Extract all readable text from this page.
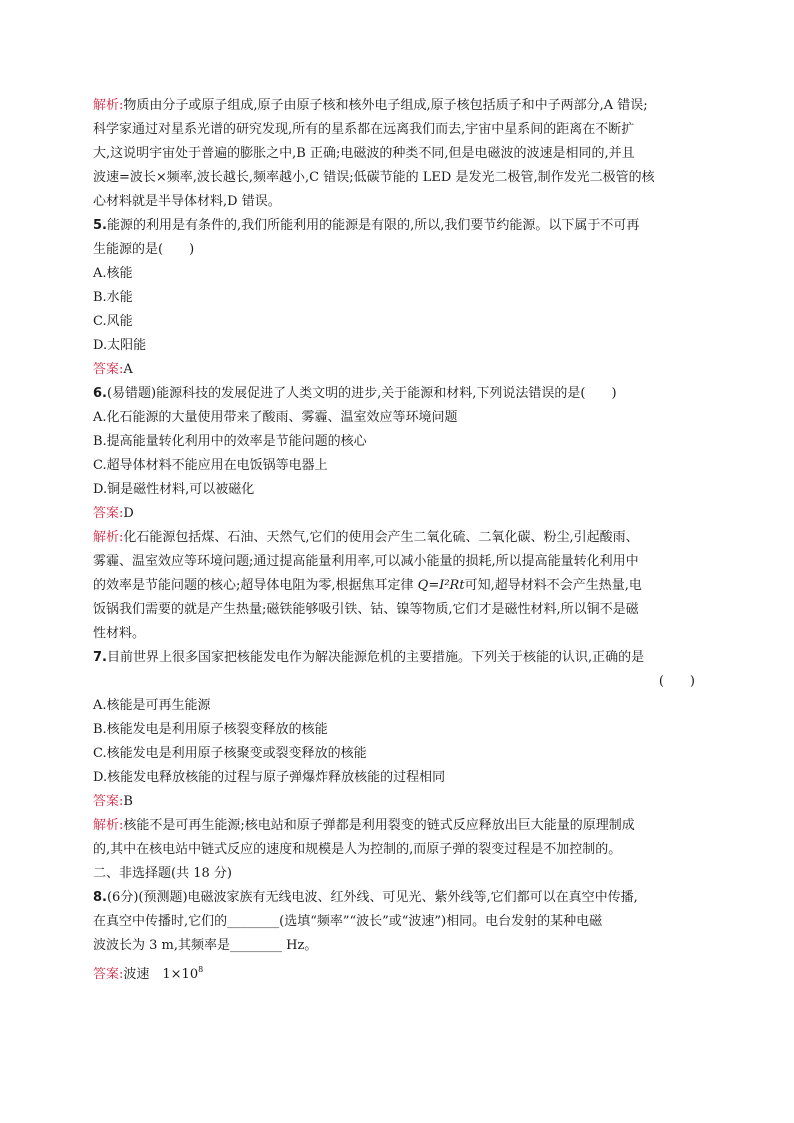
解析:物质由分子或原子组成,原子由原子核和核外电子组成,原子核包括质子和中子两部分,A 错误;
科学家通过对星系光谱的研究发现,所有的星系都在远离我们而去,宇宙中星系间的距离在不断扩
大,这说明宇宙处于普遍的膨胀之中,B 正确;电磁波的种类不同,但是电磁波的波速是相同的,并且
波速=波长×频率,波长越长,频率越小,C 错误;低碳节能的 LED 是发光二极管,制作发光二极管的核
心材料就是半导体材料,D 错误。
5.能源的利用是有条件的,我们所能利用的能源是有限的,所以,我们要节约能源。以下属于不可再
生能源的是(　　)
A.核能
B.水能
C.风能
D.太阳能
答案:A
6.(易错题)能源科技的发展促进了人类文明的进步,关于能源和材料,下列说法错误的是(　　)
A.化石能源的大量使用带来了酸雨、雾霾、温室效应等环境问题
B.提高能量转化利用中的效率是节能问题的核心
C.超导体材料不能应用在电饭锅等电器上
D.铜是磁性材料,可以被磁化
答案:D
解析:化石能源包括煤、石油、天然气,它们的使用会产生二氧化硫、二氧化碳、粉尘,引起酸雨、
雾霾、温室效应等环境问题;通过提高能量利用率,可以减小能量的损耗,所以提高能量转化利用中
的效率是节能问题的核心;超导体电阻为零,根据焦耳定律 Q=I²Rt可知,超导材料不会产生热量,电
饭锅我们需要的就是产生热量;磁铁能够吸引铁、钴、镍等物质,它们才是磁性材料,所以铜不是磁
性材料。
7.目前世界上很多国家把核能发电作为解决能源危机的主要措施。下列关于核能的认识,正确的是
(　　)
A.核能是可再生能源
B.核能发电是利用原子核裂变释放的核能
C.核能发电是利用原子核聚变或裂变释放的核能
D.核能发电释放核能的过程与原子弹爆炸释放核能的过程相同
答案:B
解析:核能不是可再生能源;核电站和原子弹都是利用裂变的链式反应释放出巨大能量的原理制成
的,其中在核电站中链式反应的速度和规模是人为控制的,而原子弹的裂变过程是不加控制的。
二、非选择题(共 18 分)
8.(6分)(预测题)电磁波家族有无线电波、红外线、可见光、紫外线等,它们都可以在真空中传播,
在真空中传播时,它们的________(选填“频率”“波长”或“波速”)相同。电台发射的某种电磁
波波长为 3 m,其频率是________ Hz。
答案:波速　$1\times 10^8$
